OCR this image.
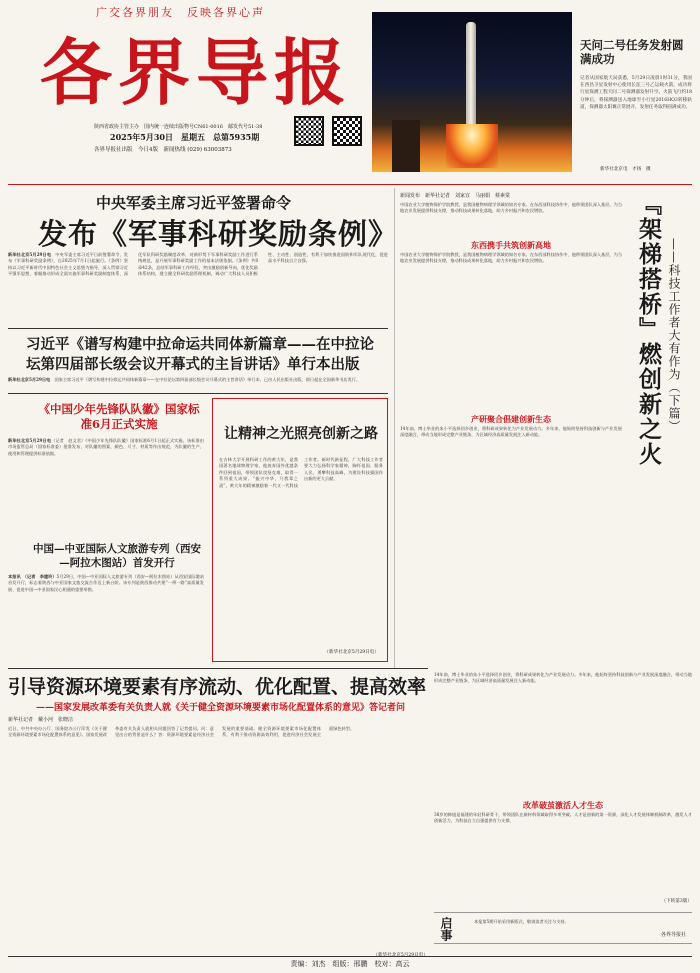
广交各界朋友　反映各界心声
各界导报
陕西省政协主管主办　国内统一连续出版物号CN61-0016　邮发代号51-38
2025年5月30日　星期五　总第5935期
各界导报社出版　今日4版　新闻热线 (029) 63003873
天问二号任务发射圆满成功
记者从国家航天局获悉，5月29日凌晨1时31分，我国在西昌卫星发射中心使用长征三号乙运载火箭，成功将行星探测工程天问二号探测器发射升空。火箭飞行约18分钟后，将探测器送入地球至小行星2016HO3转移轨道，探测器太阳翼正常展开，发射任务取得圆满成功。
新华社北京电　才扬　摄
中央军委主席习近平签署命令
发布《军事科研奖励条例》
新华社北京5月29日电　 中央军委主席习近平日前签署命令，发布《军事科研奖励条例》，自2025年7月1日起施行。《条例》坚持以习近平新时代中国特色社会主义思想为指导，深入贯彻习近平强军思想，着眼推动形成全面实施军事科研奖励制度体系，深化军队科研奖励制度改革，对新形势下军事科研奖励工作进行系统规范，是开展军事科研奖励工作的基本法规依据。《条例》共8章42条，总结军事科研工作经验，突出激励创新导向，优化奖励体系结构，建立健全科研奖励管理机制，调动广大科技人员积极性、主动性、创造性，有利于加快推进国防和军队现代化，促进高水平科技自立自强。
习近平《谱写构建中拉命运共同体新篇章——在中拉论坛第四届部长级会议开幕式的主旨讲话》单行本出版
新华社北京5月29日电　 国家主席习近平《谱写构建中拉命运共同体新篇章——在中拉论坛第四届部长级会议开幕式的主旨讲话》单行本，已由人民出版社出版，即日起在全国新华书店发行。
《中国少年先锋队队徽》国家标准6月正式实施
新华社北京5月29日电（记者　赵文君）《中国少年先锋队队徽》国家标准6月1日起正式实施。该标准由市场监管总局（国家标准委）批准发布，对队徽的图案、颜色、尺寸、材质等作出规范，为队徽的生产、使用和管理提供标准依据。
中国—中亚国际人文旅游专列（西安—阿拉木图站）首发开行
本报讯　（记者　李建玲）5月29日，中国—中亚国际人文旅游专列（西安—阿拉木图站）从西安国际港站首发开行，标志着陕西与中亚国家文旅交流合作迈上新台阶。该专列是陕西推动共建“一带一路”高质量发展、促进中国—中亚国家民心相通的重要举措。
让精神之光照亮创新之路
在吉林大学开展科研工作的黄大年，是我国著名地球物理学家，他放弃国外优越条件回到祖国，带领团队攻坚克难，取得一系列重大成果。“振兴中华，乃我辈之责”，黄大年的精神激励着一代又一代科技工作者。新时代新征程，广大科技工作者要大力弘扬科学家精神，胸怀祖国、服务人民，勇攀科技高峰，为建设科技强国作出新的更大贡献。
（新华社北京5月29日电）
新闻发布　 新华社记者　刘家宜　马丽娟　蔡素棠
中国农业大学植物保护学院教授，是我国植物病理学领域的知名专家。在东西部科技协作中，他带领团队深入基层，为当地农业发展提供科技支撑，推动科技成果转化落地，助力乡村振兴和农民增收。
东西携手共筑创新高地
中国农业大学植物保护学院教授，是我国植物病理学领域的知名专家。在东西部科技协作中，他带领团队深入基层，为当地农业发展提供科技支撑，推动科技成果转化落地，助力乡村振兴和农民增收。
产研聚合倡建创新生态
14年前，博士毕业的朱小平选择回乡创业，将科研成果转化为产业发展动力。多年来，他始终坚持科技创新与产业发展深度融合，带动当地形成完整产业链条，为区域经济高质量发展注入新动能。	『架梯搭桥』燃创新之火 ——科技工作者大有作为（下篇）
引导资源环境要素有序流动、优化配置、提高效率
——国家发展改革委有关负责人就《关于健全资源环境要素市场化配置体系的意见》答记者问
新华社记者　戴小河　张晓洁
近日，中共中央办公厅、国务院办公厅印发《关于健全资源环境要素市场化配置体系的意见》。国家发展改革委有关负责人就相关问题回答了记者提问。问：意见出台的背景是什么？答：资源环境要素是经济社会发展的重要基础。健全资源环境要素市场化配置体系，有利于推动资源高效利用，促进经济社会发展全面绿色转型。
（新华社北京5月29日电）
14年前，博士毕业的朱小平选择回乡创业，将科研成果转化为产业发展动力。多年来，他始终坚持科技创新与产业发展深度融合，带动当地形成完整产业链条，为区域经济高质量发展注入新动能。
改革破茧激活人才生态
38岁的韩旭是福建的年轻科研骨干，带领团队在新材料领域取得多项突破。人才是创新的第一资源，深化人才发展体制机制改革，激发人才创新活力，为科技自立自强提供有力支撑。
（下转第3版）
启事	本报第5期开始采用新版式，敬请读者关注与支持。
各界导报社
责编：刘杰　组版：邢鹏　校对：高云
